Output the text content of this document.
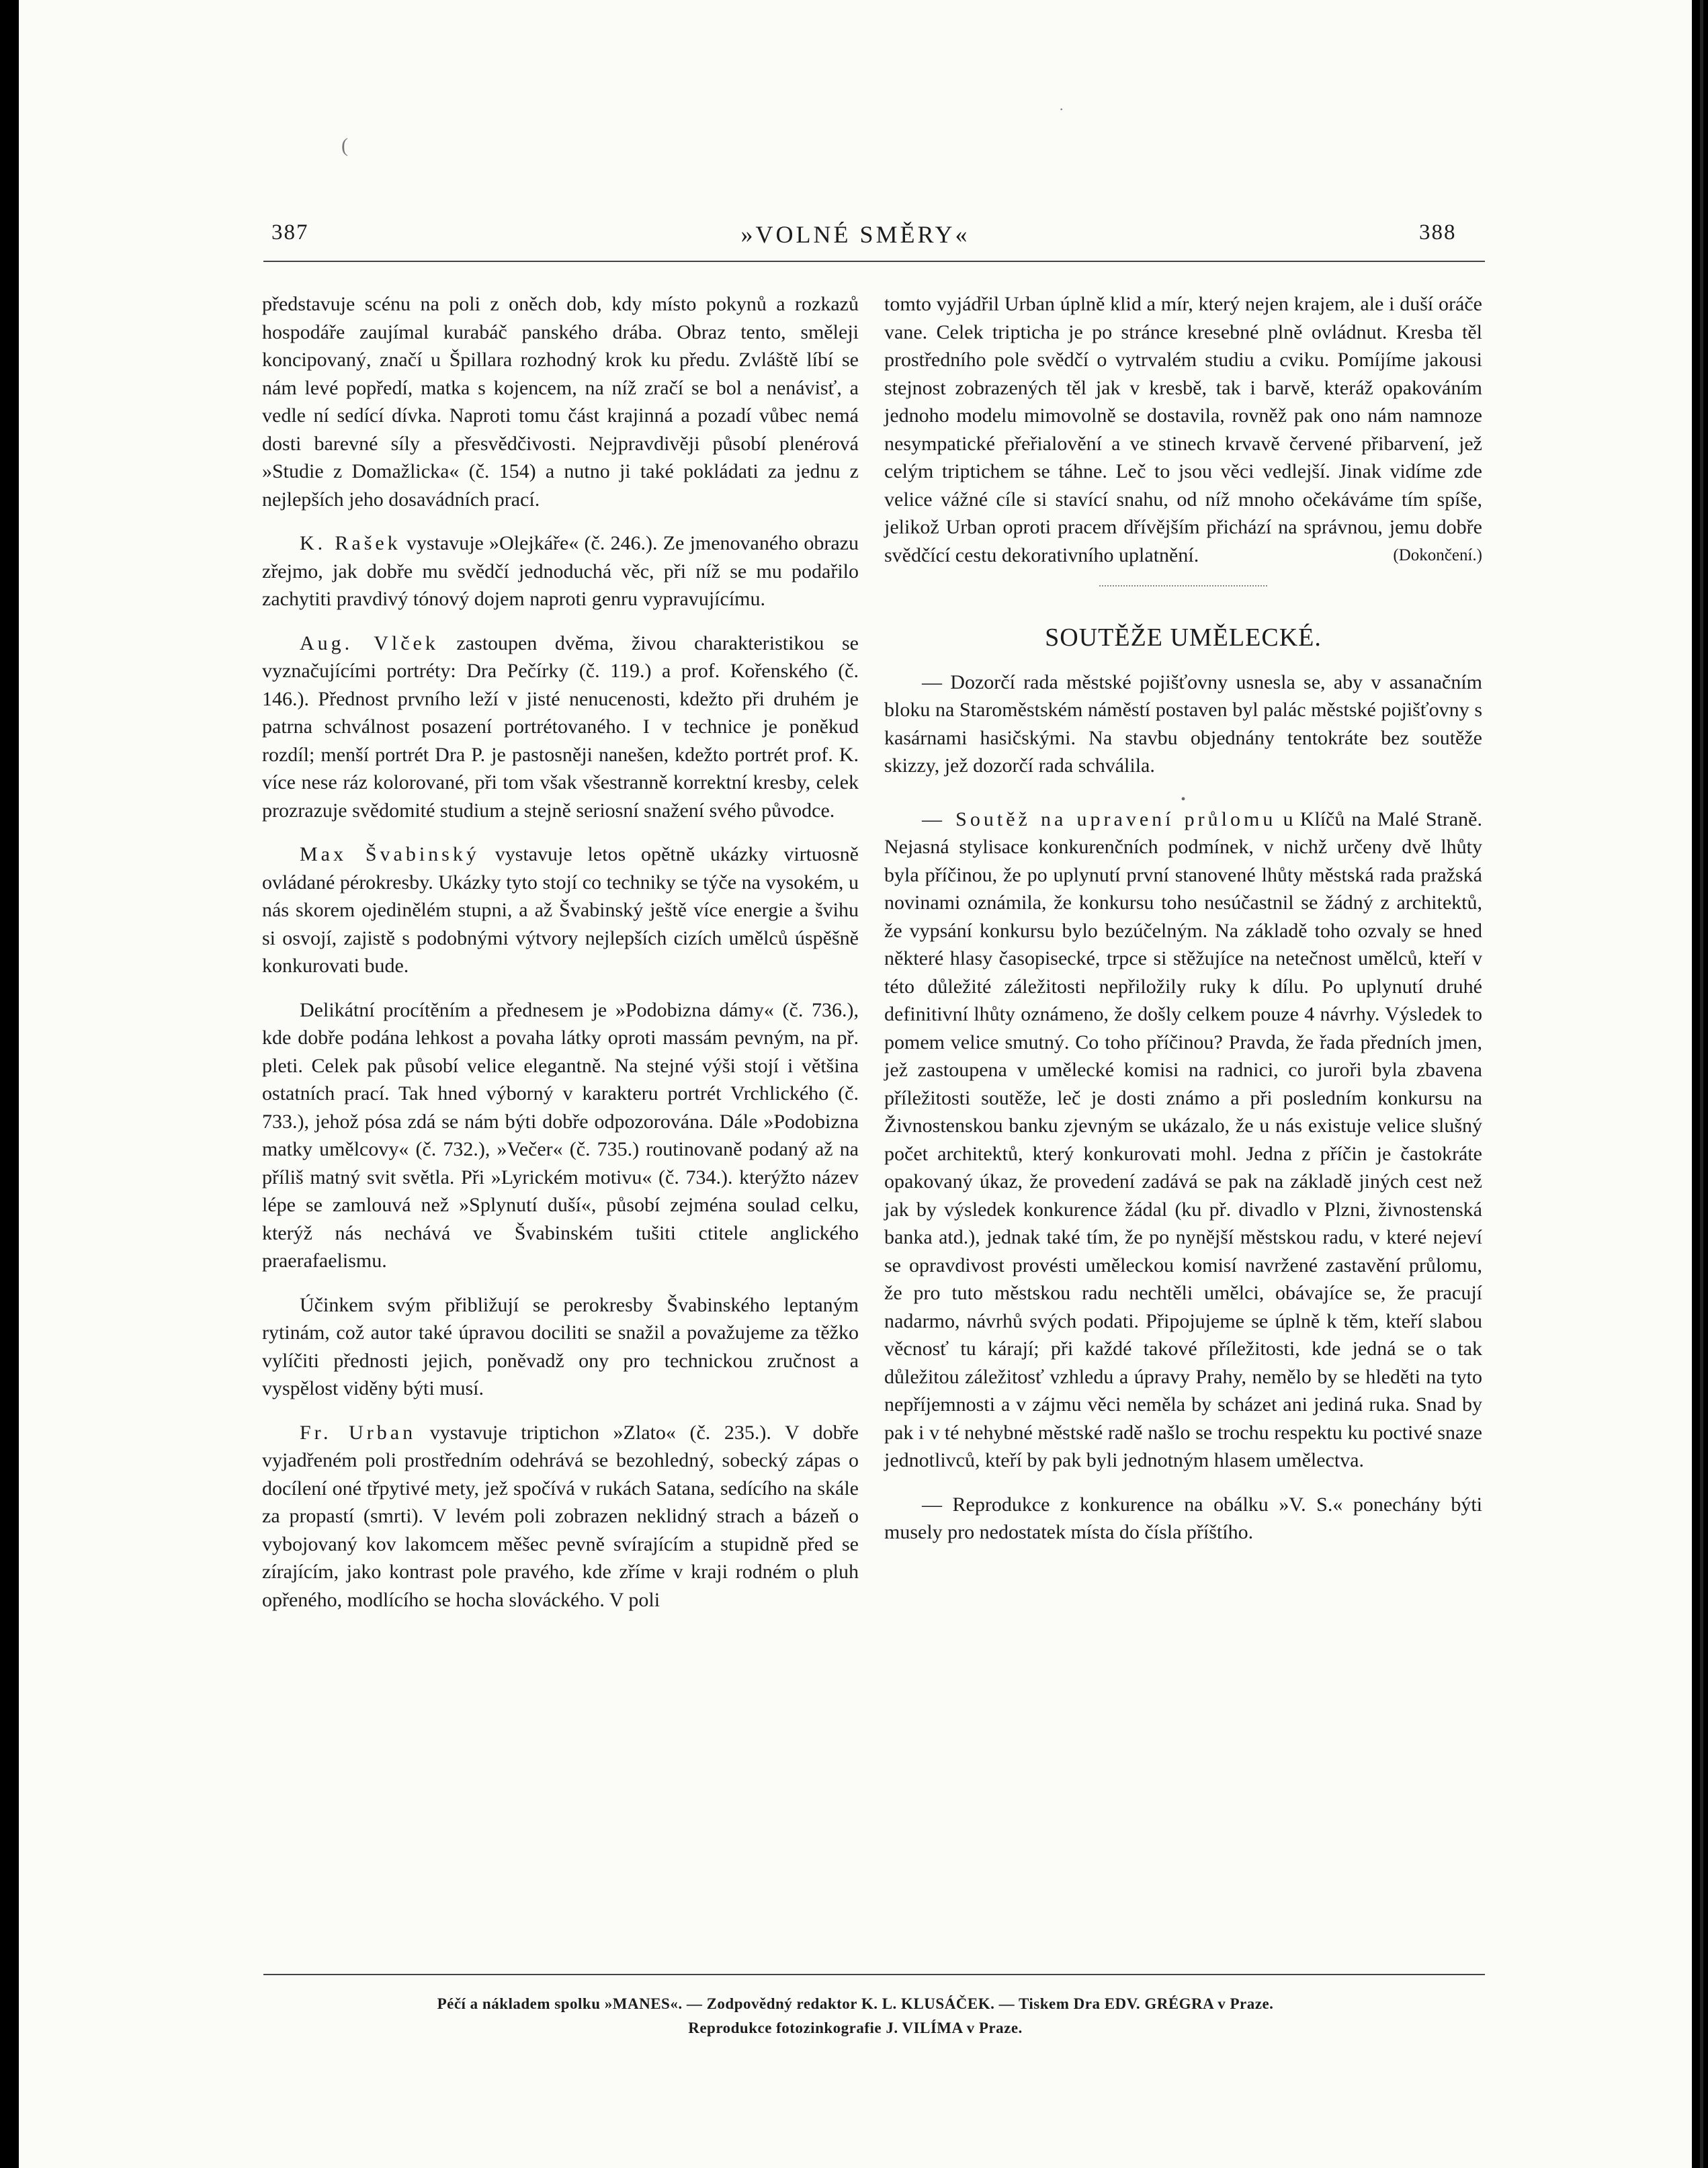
·
(
387	»VOLNÉ SMĚRY«	388

představuje scénu na poli z oněch dob, kdy místo pokynů a rozkazů hospodáře zaujímal kurabáč panského drába. Obraz tento, směleji koncipovaný, značí u Špillara rozhodný krok ku předu. Zvláště líbí se nám levé popředí, matka s kojencem, na níž zračí se bol a nenávisť, a vedle ní sedící dívka. Naproti tomu část krajinná a pozadí vůbec nemá dosti barevné síly a přesvědčivosti. Nejpravdivěji působí plenérová »Studie z Domažlicka« (č. 154) a nutno ji také pokládati za jednu z nejlepších jeho dosavádních prací.

K. Rašek vystavuje »Olejkáře« (č. 246.). Ze jmenovaného obrazu zřejmo, jak dobře mu svědčí jednoduchá věc, při níž se mu podařilo zachytiti pravdivý tónový dojem naproti genru vypravujícímu.

Aug. Vlček zastoupen dvěma, živou charakteristikou se vyznačujícími portréty: Dra Pečírky (č. 119.) a prof. Kořenského (č. 146.). Přednost prvního leží v jisté nenucenosti, kdežto při druhém je patrna schválnost posazení portrétovaného. I v technice je poněkud rozdíl; menší portrét Dra P. je pastosněji nanešen, kdežto portrét prof. K. více nese ráz kolorované, při tom však všestranně korrektní kresby, celek prozrazuje svědomité studium a stejně seriosní snažení svého původce.

Max Švabinský vystavuje letos opětně ukázky virtuosně ovládané pérokresby. Ukázky tyto stojí co techniky se týče na vysokém, u nás skorem ojedinělém stupni, a až Švabinský ještě více energie a švihu si osvojí, zajistě s podobnými výtvory nejlepších cizích umělců úspěšně konkurovati bude.

Delikátní procítěním a přednesem je »Podobizna dámy« (č. 736.), kde dobře podána lehkost a povaha látky oproti massám pevným, na př. pleti. Celek pak působí velice elegantně. Na stejné výši stojí i většina ostatních prací. Tak hned výborný v karakteru portrét Vrchlického (č. 733.), jehož pósa zdá se nám býti dobře odpozorována. Dále »Podobizna matky umělcovy« (č. 732.), »Večer« (č. 735.) routinovaně podaný až na příliš matný svit světla. Při »Lyrickém motivu« (č. 734.). kterýžto název lépe se zamlouvá než »Splynutí duší«, působí zejména soulad celku, kterýž nás nechává ve Švabinském tušiti ctitele anglického praerafaelismu.

Účinkem svým přibližují se perokresby Švabinského leptaným rytinám, což autor také úpravou dociliti se snažil a považujeme za těžko vylíčiti přednosti jejich, poněvadž ony pro technickou zručnost a vyspělost viděny býti musí.

Fr. Urban vystavuje triptichon »Zlato« (č. 235.). V dobře vyjadřeném poli prostředním odehrává se bezohledný, sobecký zápas o docílení oné třpytivé mety, jež spočívá v rukách Satana, sedícího na skále za propastí (smrti). V levém poli zobrazen neklidný strach a bázeň o vybojovaný kov lakomcem měšec pevně svírajícím a stupidně před se zírajícím, jako kontrast pole pravého, kde zříme v kraji rodném o pluh opřeného, modlícího se hocha slováckého. V poli

tomto vyjádřil Urban úplně klid a mír, který nejen krajem, ale i duší oráče vane. Celek tripticha je po stránce kresebné plně ovládnut. Kresba těl prostředního pole svědčí o vytrvalém studiu a cviku. Pomíjíme jakousi stejnost zobrazených těl jak v kresbě, tak i barvě, kteráž opakováním jednoho modelu mimovolně se dostavila, rovněž pak ono nám namnoze nesympatické přeřialovění a ve stinech krvavě červené přibarvení, jež celým triptichem se táhne. Leč to jsou věci vedlejší. Jinak vidíme zde velice vážné cíle si stavící snahu, od níž mnoho očekáváme tím spíše, jelikož Urban oproti pracem dřívějším přichází na správnou, jemu dobře svědčící cestu dekorativního uplatnění.	(Dokončení.)

SOUTĚŽE UMĚLECKÉ.

— Dozorčí rada městské pojišťovny usnesla se, aby v assanačním bloku na Staroměstském náměstí postaven byl palác městské pojišťovny s kasárnami hasičskými. Na stavbu objednány tentokráte bez soutěže skizzy, jež dozorčí rada schválila.

•

— Soutěž na upravení průlomu u Klíčů na Malé Straně. Nejasná stylisace konkurenčních podmínek, v nichž určeny dvě lhůty byla příčinou, že po uplynutí první stanovené lhůty městská rada pražská novinami oznámila, že konkursu toho nesúčastnil se žádný z architektů, že vypsání konkursu bylo bezúčelným. Na základě toho ozvaly se hned některé hlasy časopisecké, trpce si stěžujíce na netečnost umělců, kteří v této důležité záležitosti nepřiložily ruky k dílu. Po uplynutí druhé definitivní lhůty oznámeno, že došly celkem pouze 4 návrhy. Výsledek to pomem velice smutný. Co toho příčinou? Pravda, že řada předních jmen, jež zastoupena v umělecké komisi na radnici, co juroři byla zbavena příležitosti soutěže, leč je dosti známo a při posledním konkursu na Živnostenskou banku zjevným se ukázalo, že u nás existuje velice slušný počet architektů, který konkurovati mohl. Jedna z příčin je častokráte opakovaný úkaz, že provedení zadává se pak na základě jiných cest než jak by výsledek konkurence žádal (ku př. divadlo v Plzni, živnostenská banka atd.), jednak také tím, že po nynější městskou radu, v které nejeví se opravdivost provésti uměleckou komisí navržené zastavění průlomu, že pro tuto městskou radu nechtěli umělci, obávajíce se, že pracují nadarmo, návrhů svých podati. Připojujeme se úplně k těm, kteří slabou věcnosť tu kárají; při každé takové příležitosti, kde jedná se o tak důležitou záležitosť vzhledu a úpravy Prahy, nemělo by se hleděti na tyto nepříjemnosti a v zájmu věci neměla by scházet ani jediná ruka. Snad by pak i v té nehybné městské radě našlo se trochu respektu ku poctivé snaze jednotlivců, kteří by pak byli jednotným hlasem umělectva.

— Reprodukce z konkurence na obálku »V. S.« ponechány býti musely pro nedostatek místa do čísla příštího.

Péčí a nákladem spolku »MANES«. — Zodpovědný redaktor K. L. KLUSÁČEK. — Tiskem Dra EDV. GRÉGRA v Praze.
Reprodukce fotozinkografie J. VILÍMA v Praze.
